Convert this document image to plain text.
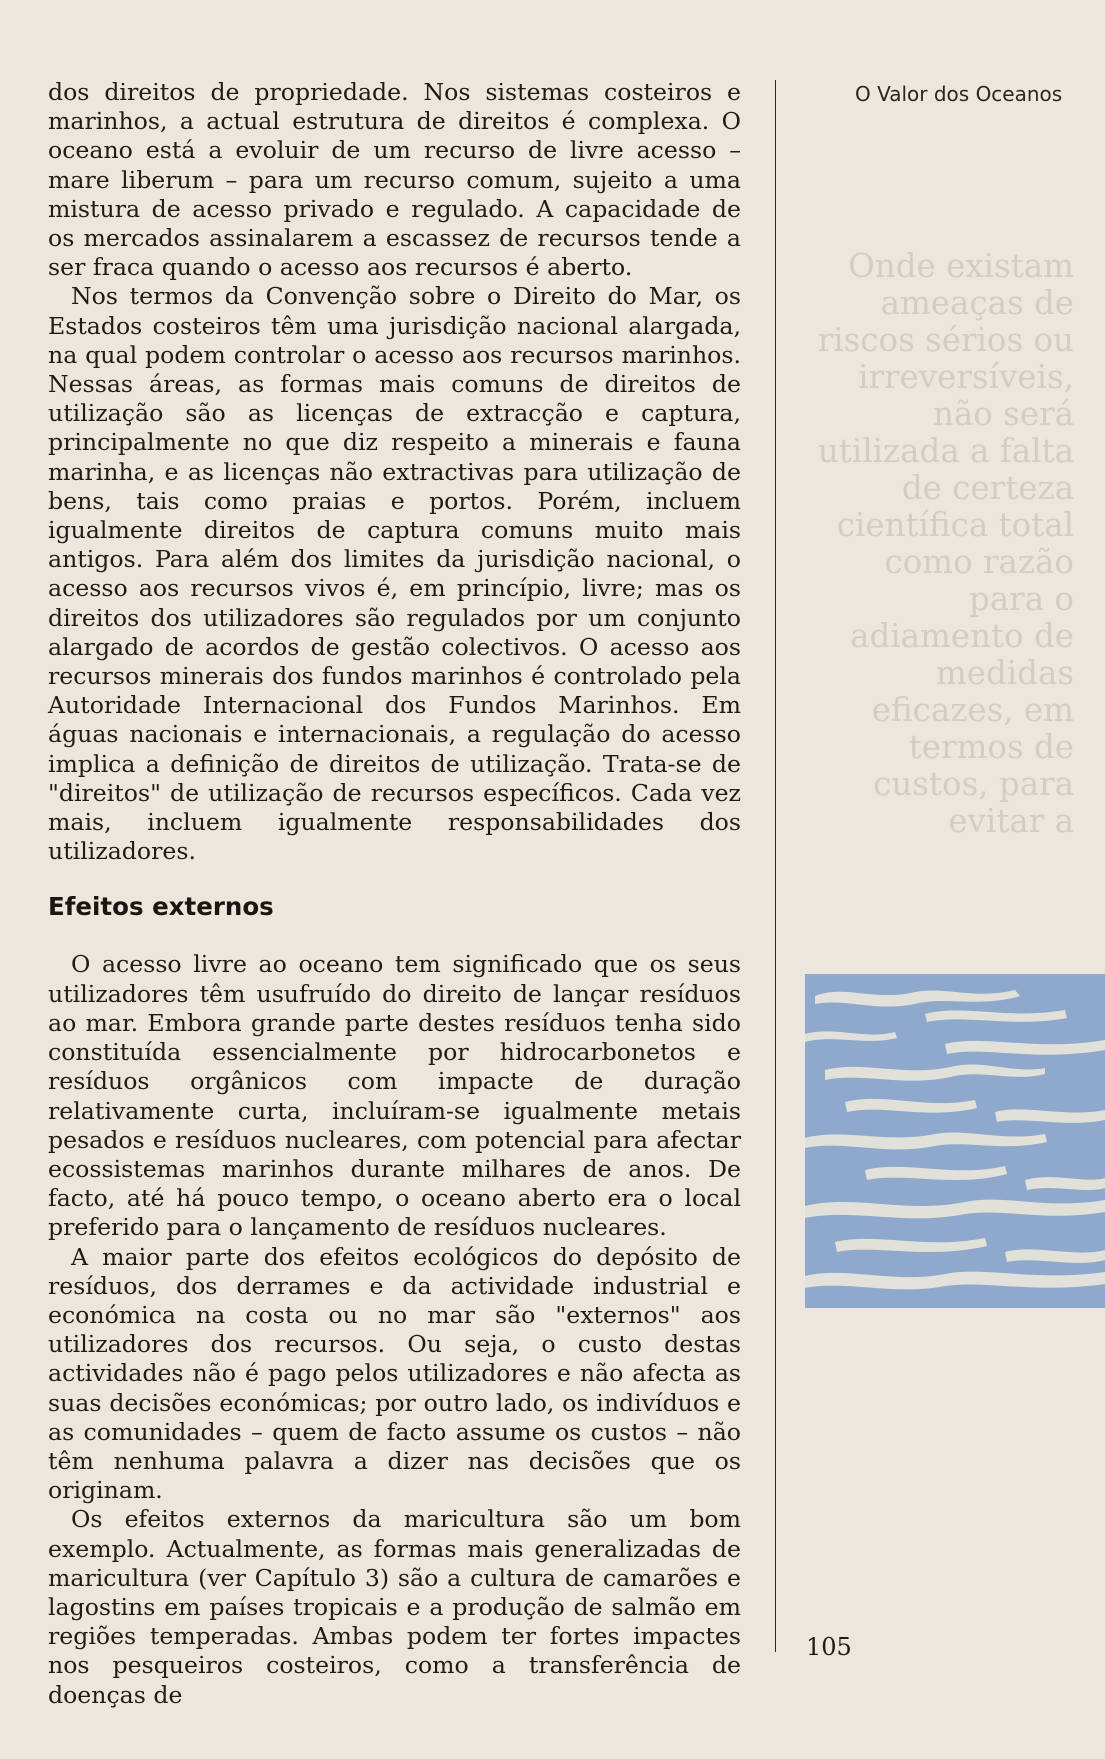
O Valor dos Oceanos

dos direitos de propriedade. Nos sistemas costeiros e marinhos, a actual estrutura de direitos é complexa. O oceano está a evoluir de um recurso de livre acesso – mare liberum – para um recurso comum, sujeito a uma mistura de acesso privado e regulado. A capacidade de os mercados assinalarem a escassez de recursos tende a ser fraca quando o acesso aos recursos é aberto.

Nos termos da Convenção sobre o Direito do Mar, os Estados costeiros têm uma jurisdição nacional alargada, na qual podem controlar o acesso aos recursos marinhos. Nessas áreas, as formas mais comuns de direitos de utilização são as licenças de extracção e captura, principalmente no que diz respeito a minerais e fauna marinha, e as licenças não extractivas para utilização de bens, tais como praias e portos. Porém, incluem igualmente direitos de captura comuns muito mais antigos. Para além dos limites da jurisdição nacional, o acesso aos recursos vivos é, em princípio, livre; mas os direitos dos utilizadores são regulados por um conjunto alargado de acordos de gestão colectivos. O acesso aos recursos minerais dos fundos marinhos é controlado pela Autoridade Internacional dos Fundos Marinhos. Em águas nacionais e internacionais, a regulação do acesso implica a definição de direitos de utilização. Trata-se de "direitos" de utilização de recursos específicos. Cada vez mais, incluem igualmente responsabilidades dos utilizadores.

Efeitos externos

O acesso livre ao oceano tem significado que os seus utilizadores têm usufruído do direito de lançar resíduos ao mar. Embora grande parte destes resíduos tenha sido constituída essencialmente por hidrocarbonetos e resíduos orgânicos com impacte de duração relativamente curta, incluíram-se igualmente metais pesados e resíduos nucleares, com potencial para afectar ecossistemas marinhos durante milhares de anos. De facto, até há pouco tempo, o oceano aberto era o local preferido para o lançamento de resíduos nucleares.

A maior parte dos efeitos ecológicos do depósito de resíduos, dos derrames e da actividade industrial e económica na costa ou no mar são "externos" aos utilizadores dos recursos. Ou seja, o custo destas actividades não é pago pelos utilizadores e não afecta as suas decisões económicas; por outro lado, os indivíduos e as comunidades – quem de facto assume os custos – não têm nenhuma palavra a dizer nas decisões que os originam.

Os efeitos externos da maricultura são um bom exemplo. Actualmente, as formas mais generalizadas de maricultura (ver Capítulo 3) são a cultura de camarões e lagostins em países tropicais e a produção de salmão em regiões temperadas. Ambas podem ter fortes impactes nos pesqueiros costeiros, como a transferência de doenças de

Onde existam ameaças de riscos sérios ou irreversíveis, não será utilizada a falta de certeza científica total como razão para o adiamento de medidas eficazes, em termos de custos, para evitar a
105
